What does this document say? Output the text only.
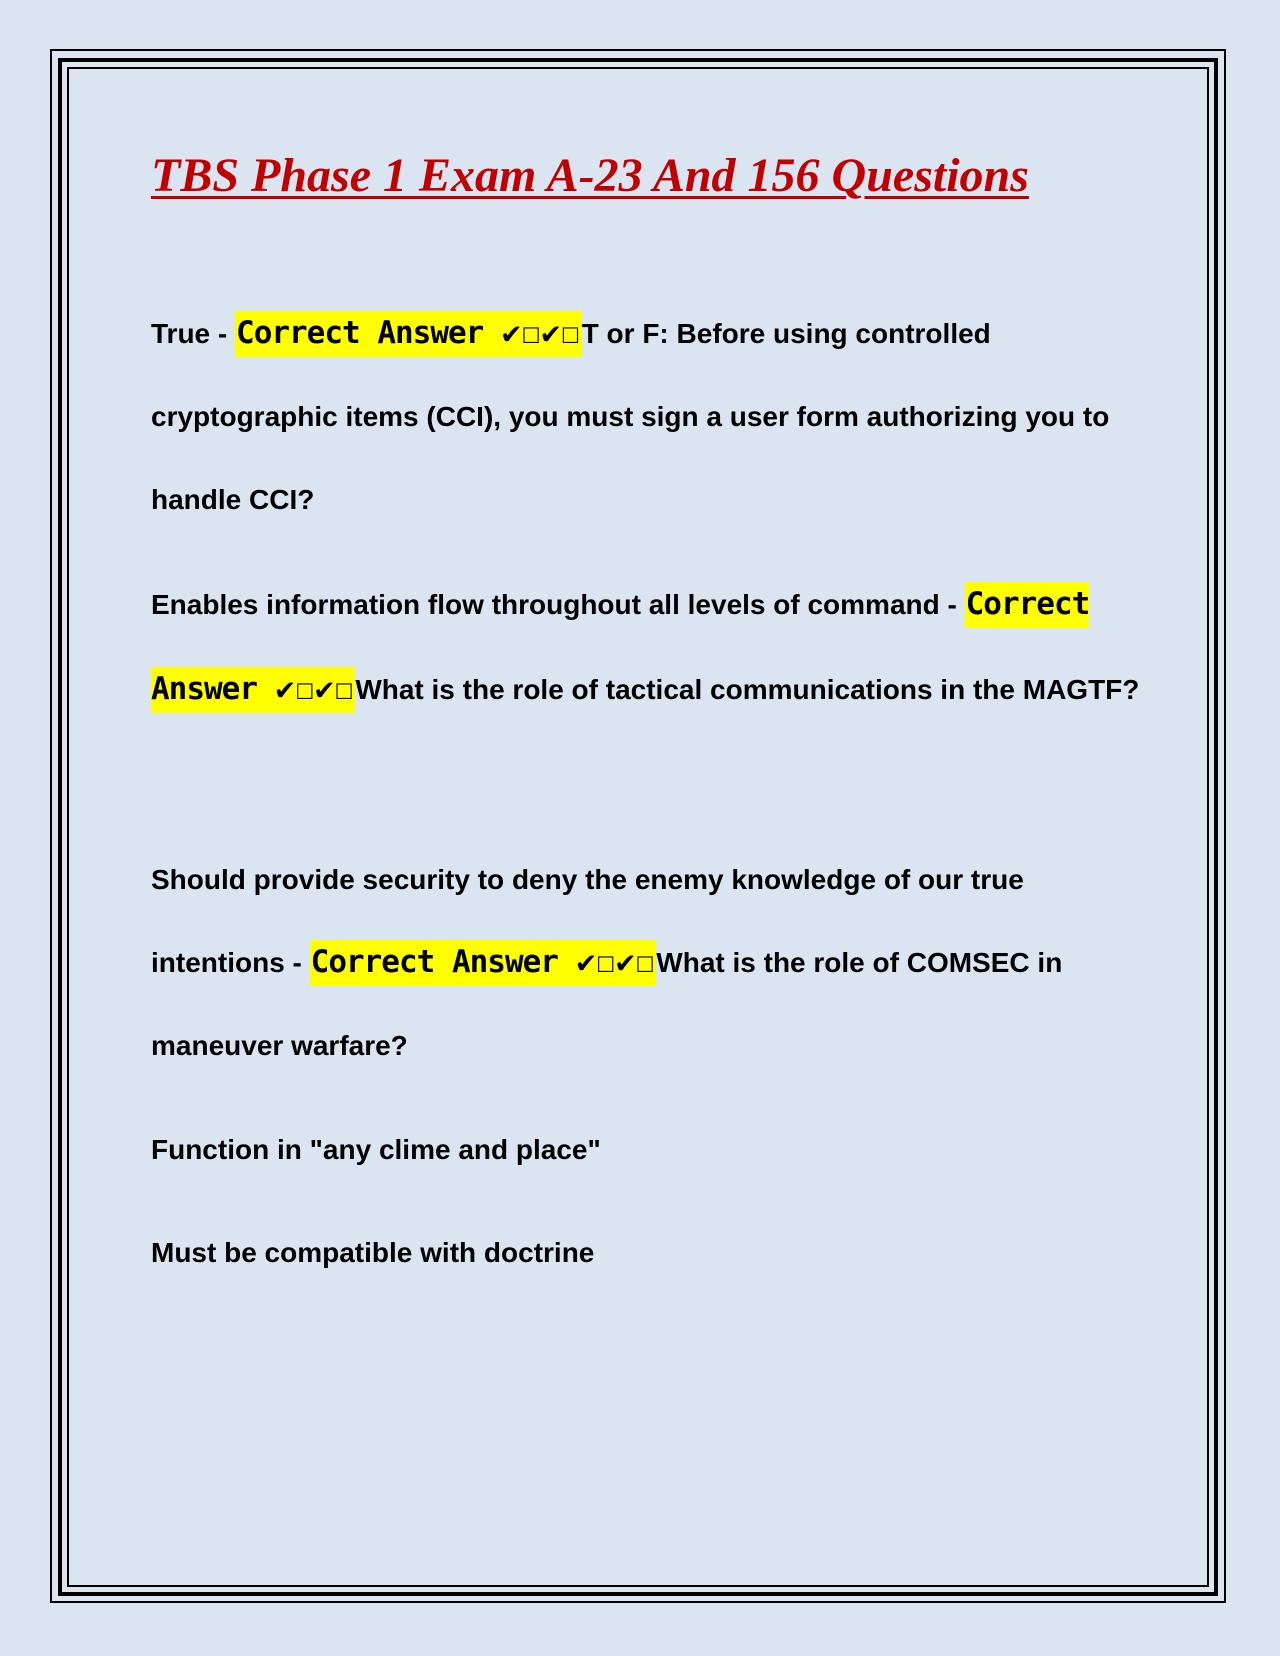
TBS Phase 1 Exam A-23 And 156 Questions

True - Correct Answer ✔☐✔☐T or F: Before using controlled cryptographic items (CCI), you must sign a user form authorizing you to handle CCI?

Enables information flow throughout all levels of command - Correct Answer ✔☐✔☐What is the role of tactical communications in the MAGTF?

Should provide security to deny the enemy knowledge of our true intentions - Correct Answer ✔☐✔☐What is the role of COMSEC in maneuver warfare?

Function in "any clime and place"

Must be compatible with doctrine
